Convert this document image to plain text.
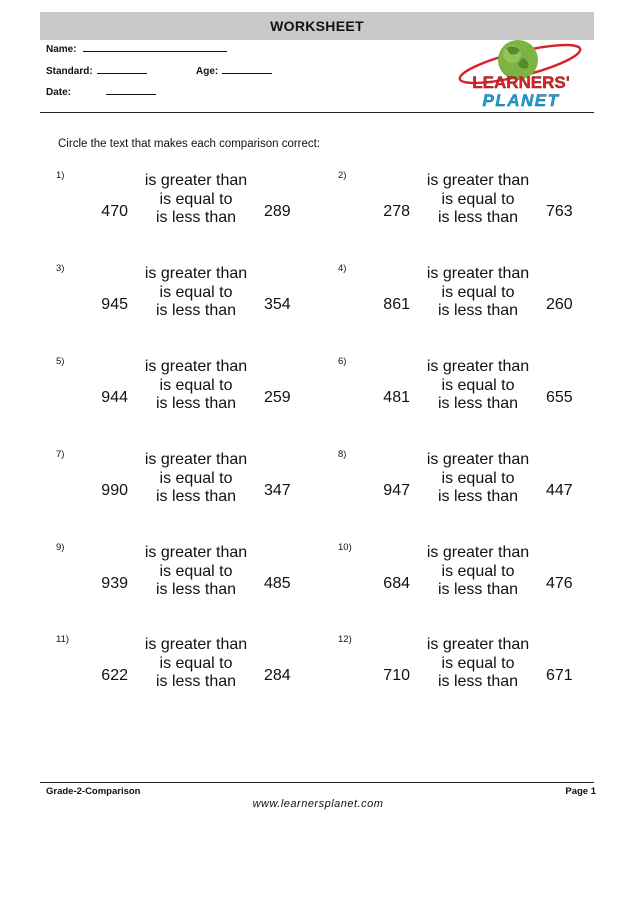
WORKSHEET
Name:
Standard:	Age:
Date:
LEARNERS'
PLANET
Circle the text that makes each comparison correct:
1)
470
is greater than
is equal to
is less than	289
2)
278
is greater than
is equal to
is less than	763
3)
945
is greater than
is equal to
is less than	354
4)
861
is greater than
is equal to
is less than	260
5)
944
is greater than
is equal to
is less than	259
6)
481
is greater than
is equal to
is less than	655
7)
990
is greater than
is equal to
is less than	347
8)
947
is greater than
is equal to
is less than	447
9)
939
is greater than
is equal to
is less than	485
10)
684
is greater than
is equal to
is less than	476
11)
622
is greater than
is equal to
is less than	284
12)
710
is greater than
is equal to
is less than	671
Grade-2-Comparison	Page 1
www.learnersplanet.com
